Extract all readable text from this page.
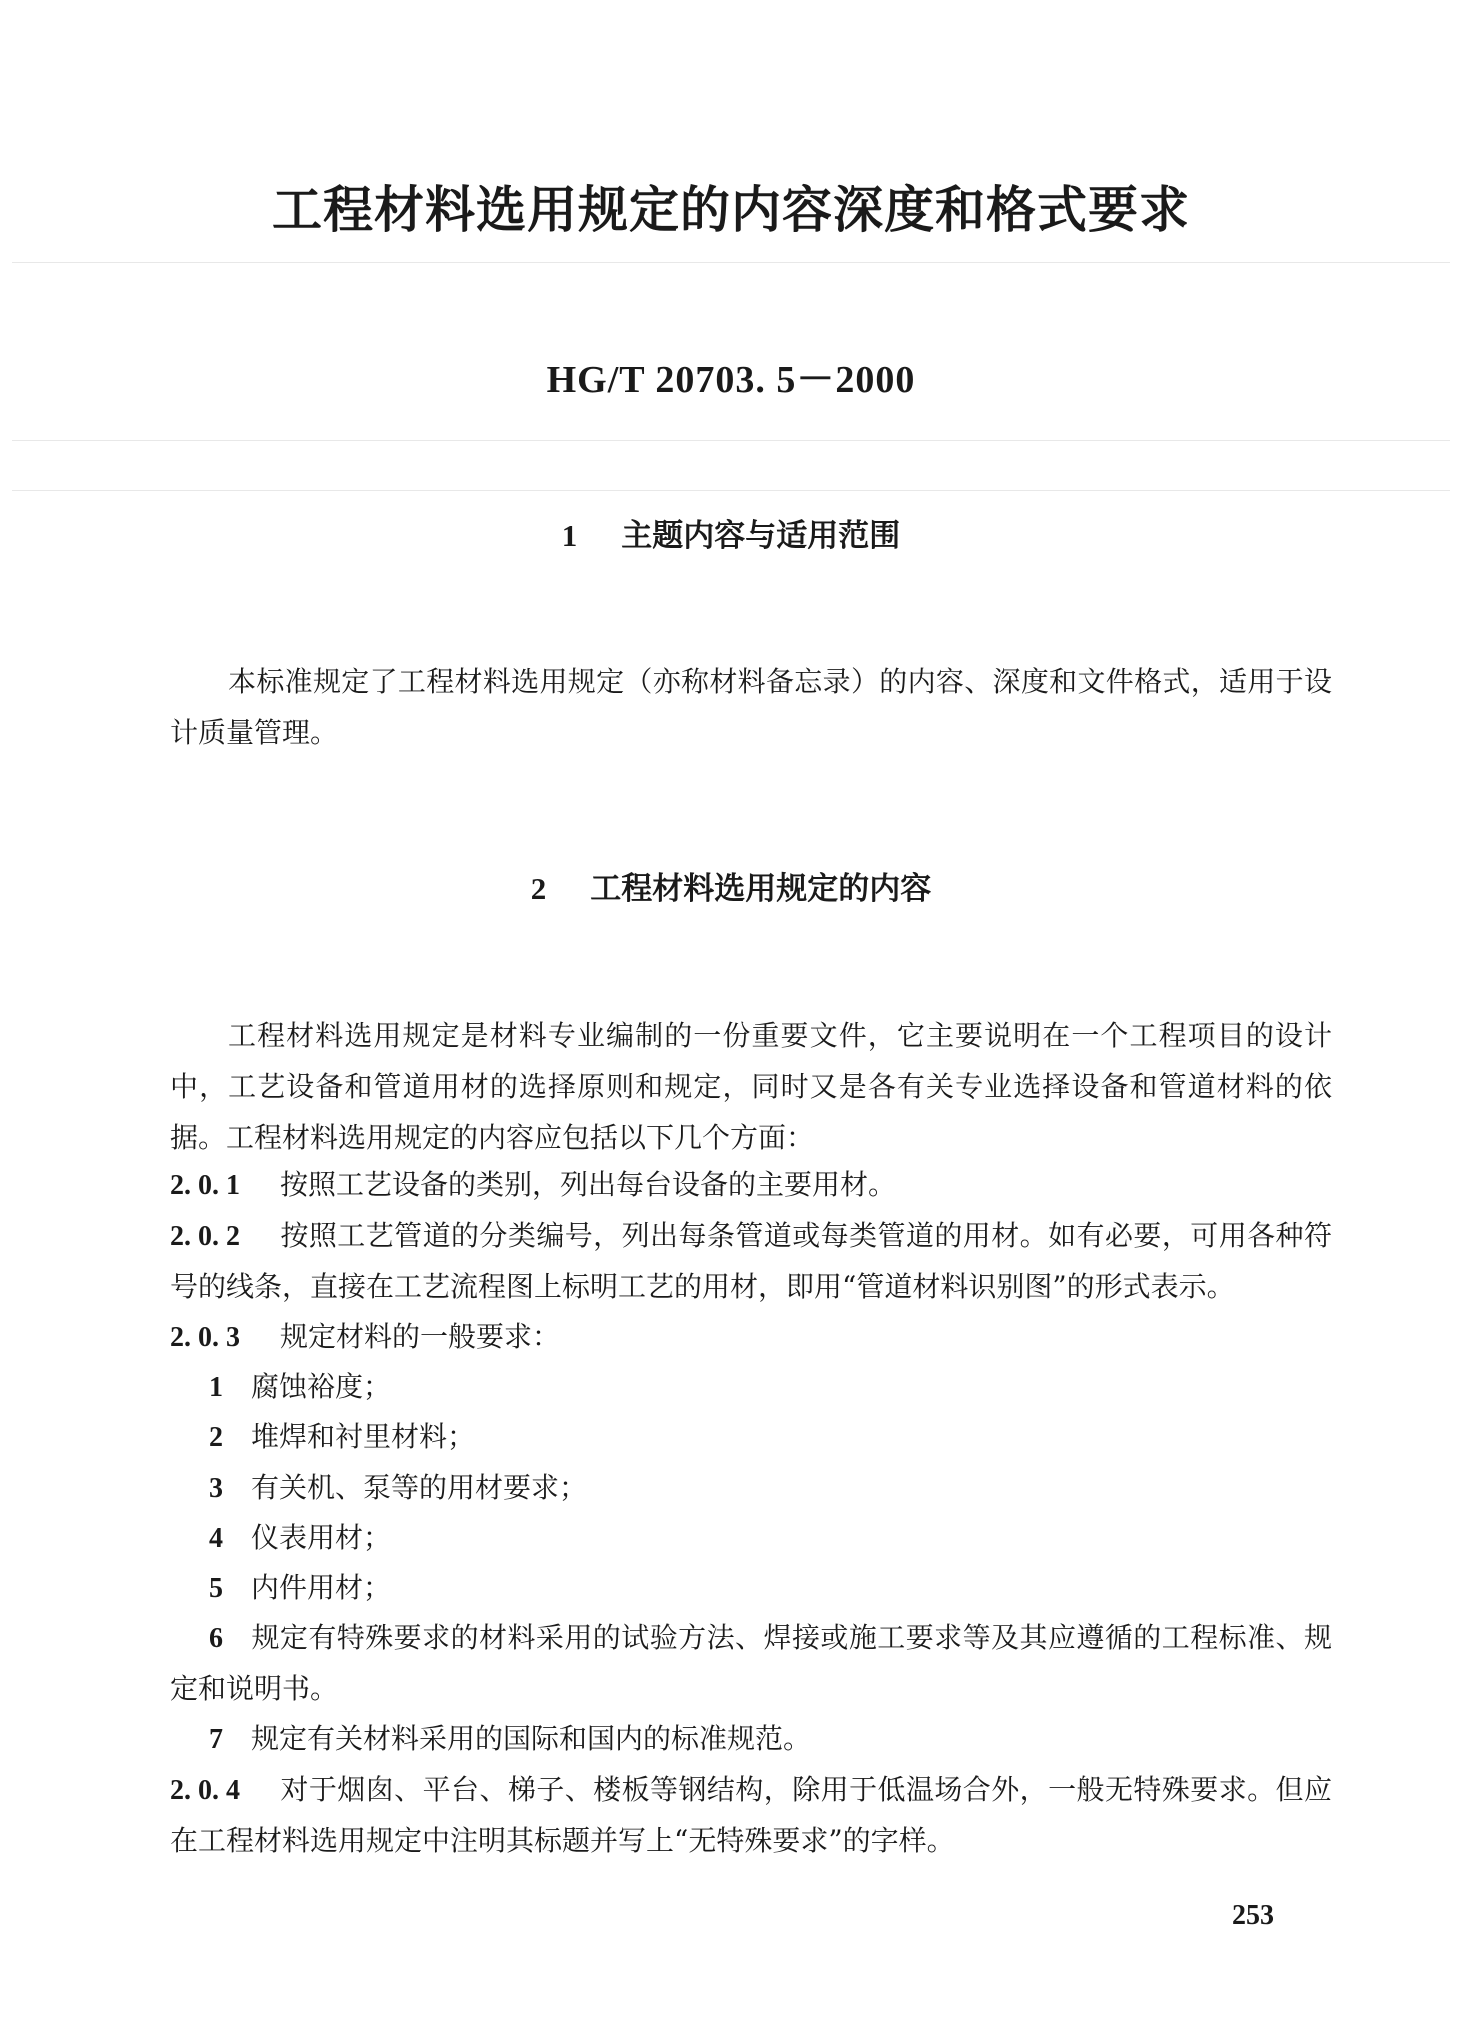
工程材料选用规定的内容深度和格式要求
HG/T 20703. 5－2000
1 主题内容与适用范围
本标准规定了工程材料选用规定（亦称材料备忘录）的内容、深度和文件格式，适用于设计质量管理。
2 工程材料选用规定的内容
工程材料选用规定是材料专业编制的一份重要文件，它主要说明在一个工程项目的设计中，工艺设备和管道用材的选择原则和规定，同时又是各有关专业选择设备和管道材料的依据。工程材料选用规定的内容应包括以下几个方面：
2. 0. 1 按照工艺设备的类别，列出每台设备的主要用材。
2. 0. 2 按照工艺管道的分类编号，列出每条管道或每类管道的用材。如有必要，可用各种符号的线条，直接在工艺流程图上标明工艺的用材，即用“管道材料识别图”的形式表示。
2. 0. 3 规定材料的一般要求：
1 腐蚀裕度；
2 堆焊和衬里材料；
3 有关机、泵等的用材要求；
4 仪表用材；
5 内件用材；
6 规定有特殊要求的材料采用的试验方法、焊接或施工要求等及其应遵循的工程标准、规定和说明书。
7 规定有关材料采用的国际和国内的标准规范。
2. 0. 4 对于烟囱、平台、梯子、楼板等钢结构，除用于低温场合外，一般无特殊要求。但应在工程材料选用规定中注明其标题并写上“无特殊要求”的字样。
253
